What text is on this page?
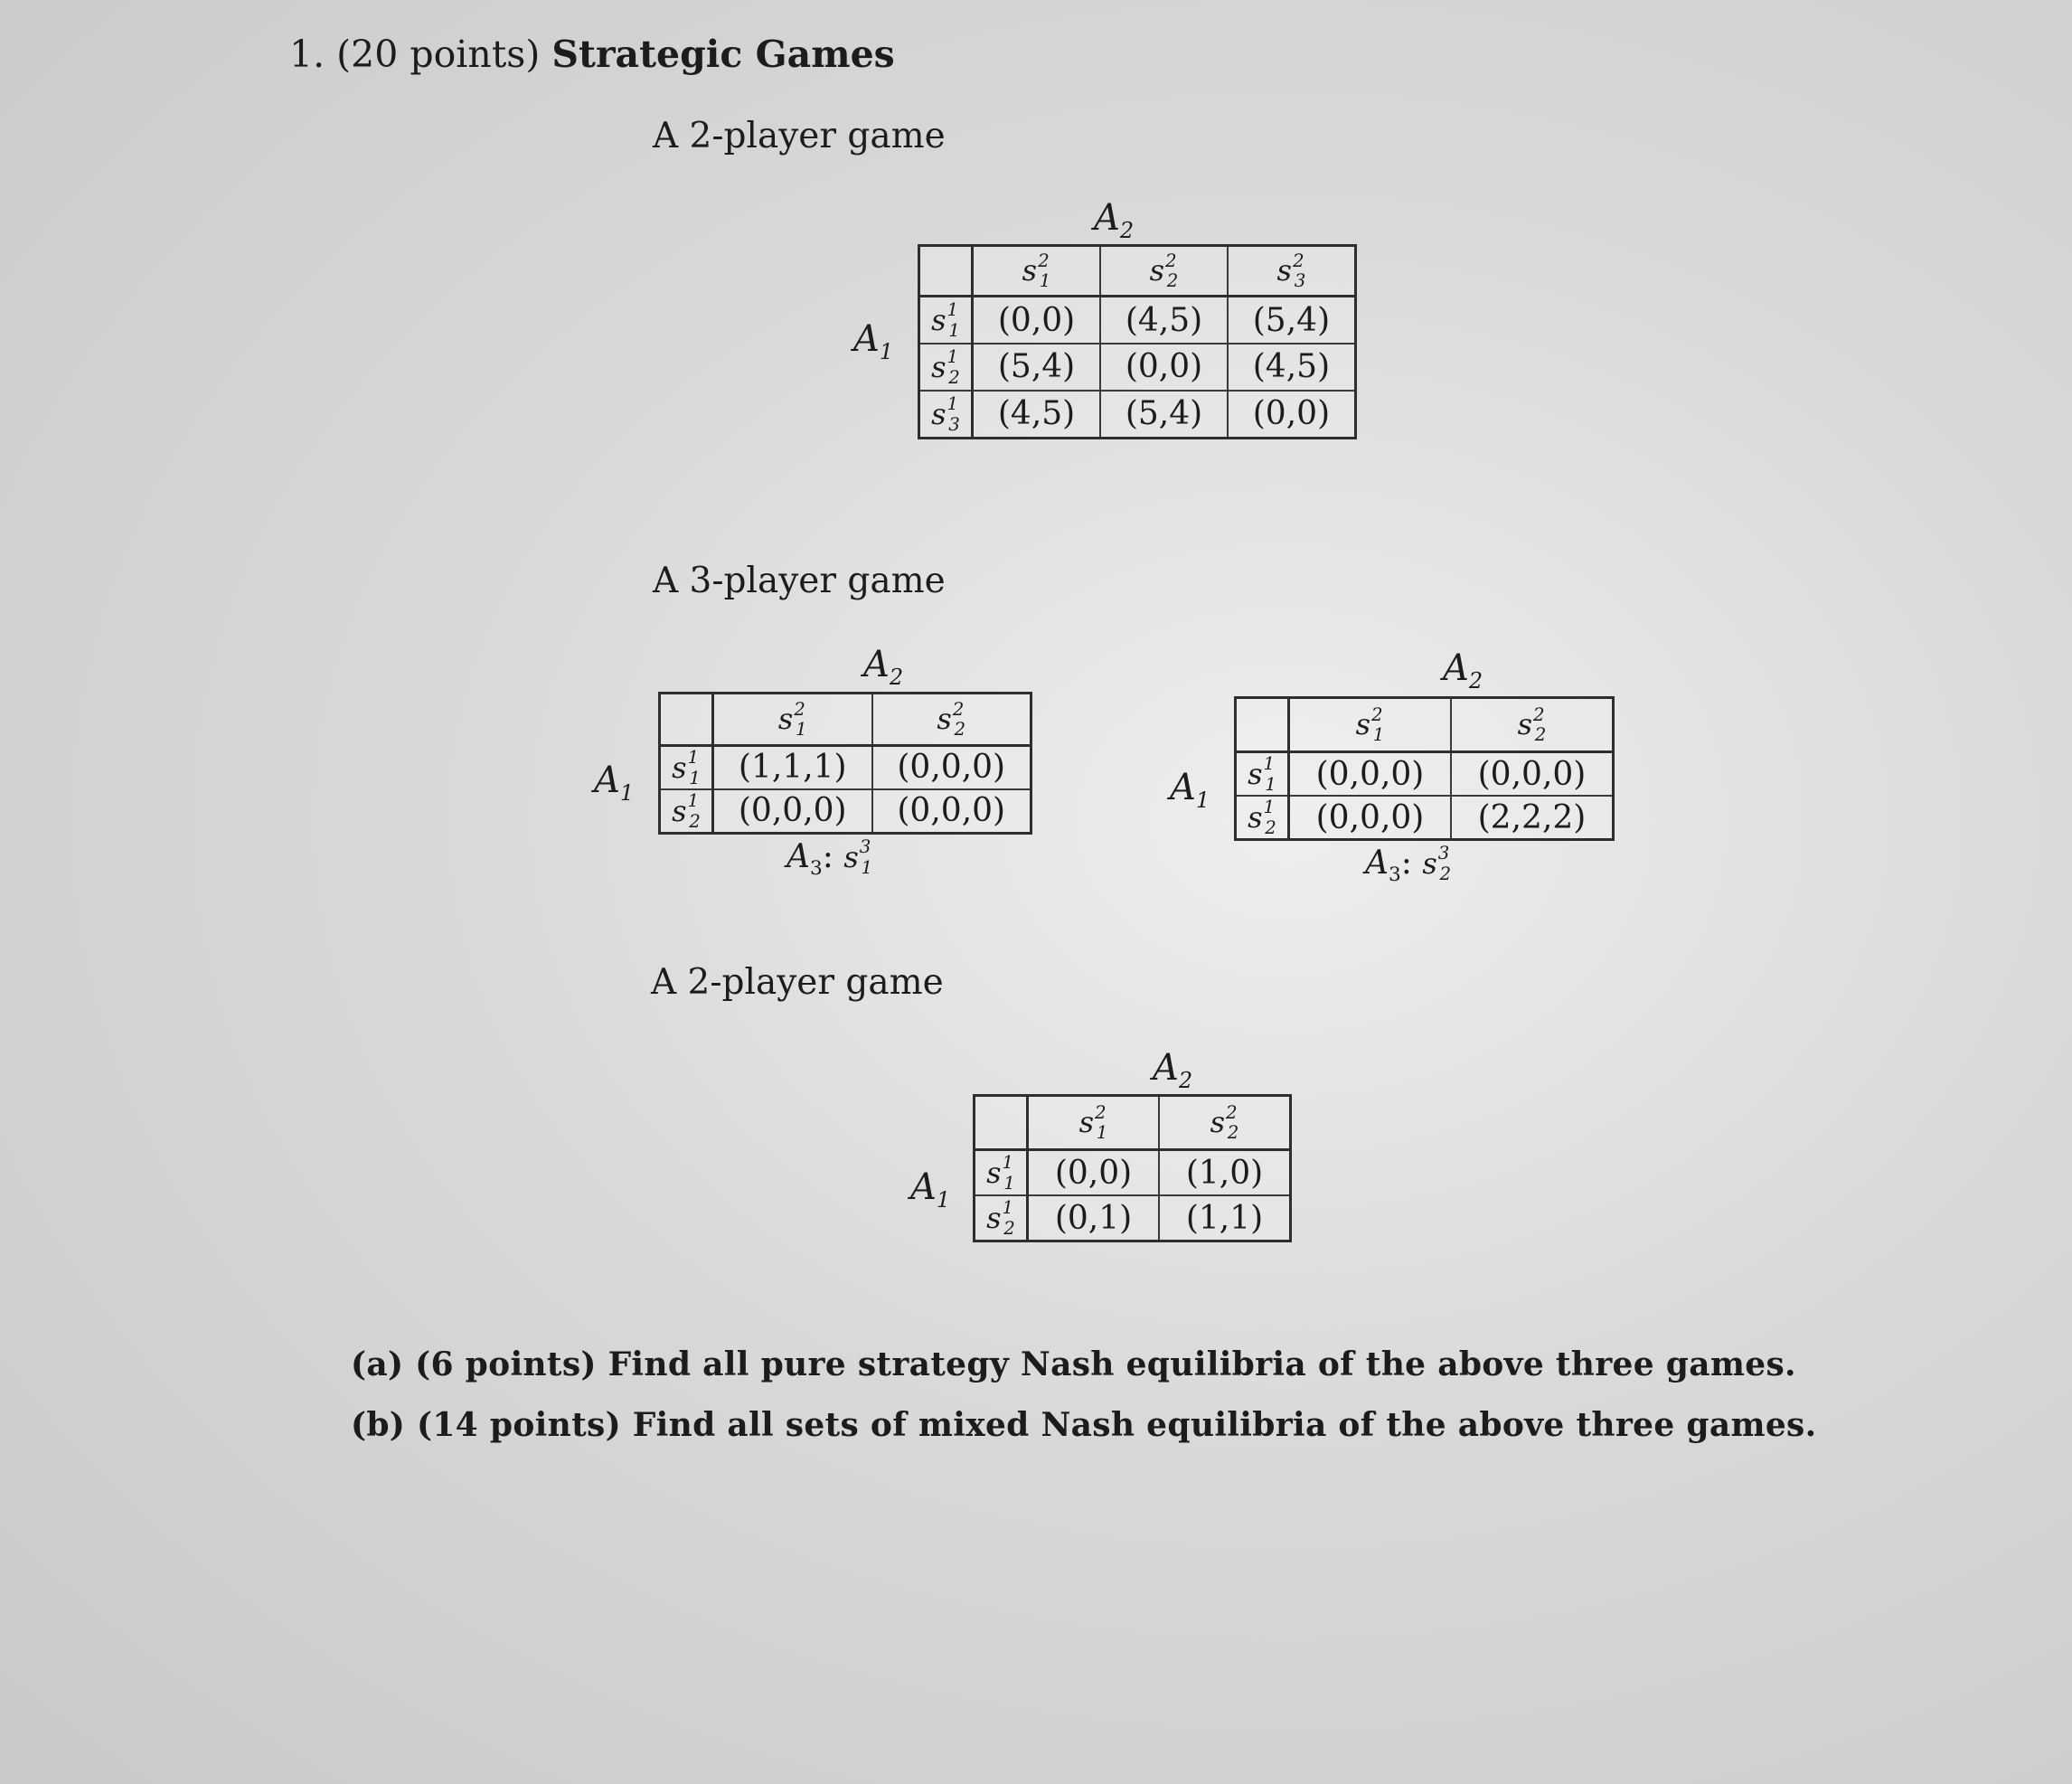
1. (20 points) Strategic Games
A 2-player game
$A_2$
$A_1$
	$s^2_1$	$s^2_2$	$s^2_3$
$s^1_1$	(0,0)	(4,5)	(5,4)
$s^1_2$	(5,4)	(0,0)	(4,5)
$s^1_3$	(4,5)	(5,4)	(0,0)
A 3-player game
$A_2$
$A_1$
	$s^2_1$	$s^2_2$
$s^1_1$	(1,1,1)	(0,0,0)
$s^1_2$	(0,0,0)	(0,0,0)
$A_3$: $s^3_1$
$A_2$
$A_1$
	$s^2_1$	$s^2_2$
$s^1_1$	(0,0,0)	(0,0,0)
$s^1_2$	(0,0,0)	(2,2,2)
$A_3$: $s^3_2$
A 2-player game
$A_2$
$A_1$
	$s^2_1$	$s^2_2$
$s^1_1$	(0,0)	(1,0)
$s^1_2$	(0,1)	(1,1)
(a) (6 points) Find all pure strategy Nash equilibria of the above three games.
(b) (14 points) Find all sets of mixed Nash equilibria of the above three games.
